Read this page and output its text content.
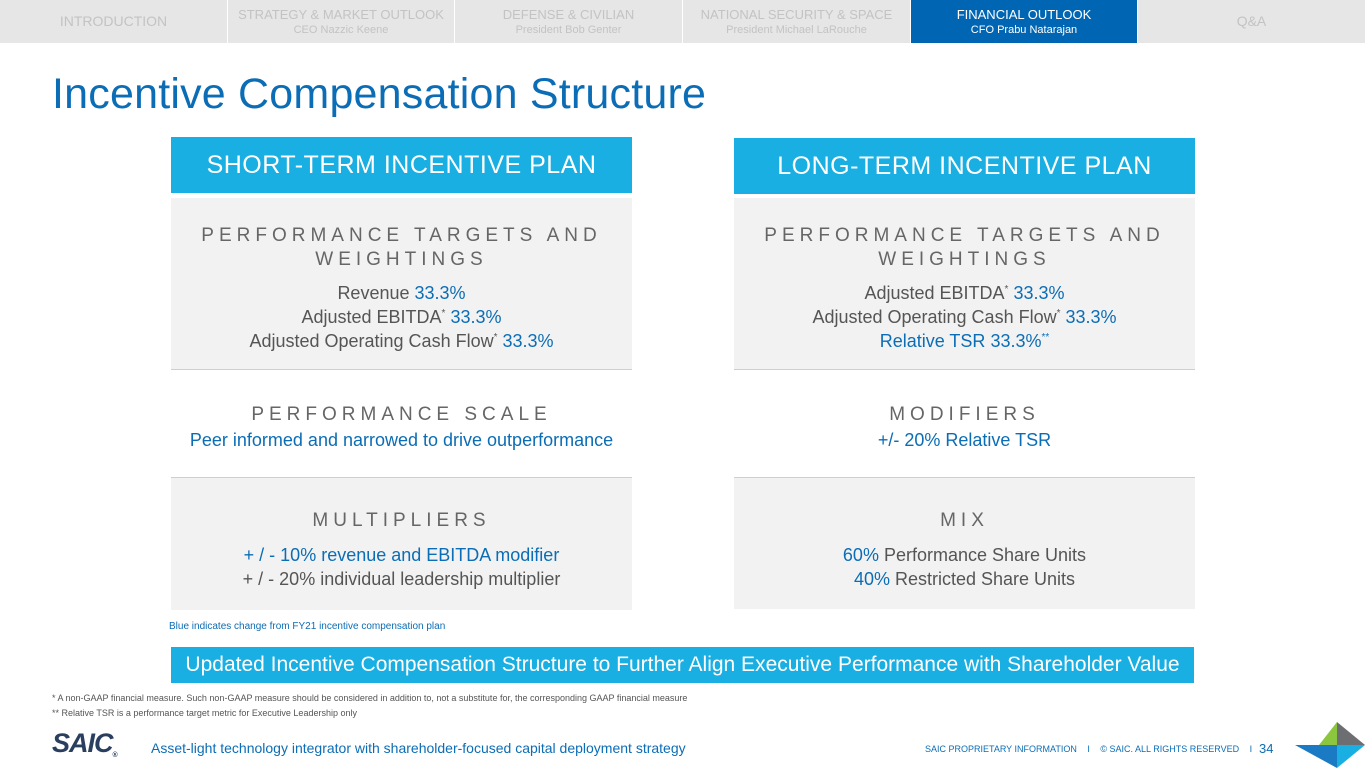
INTRODUCTION	STRATEGY & MARKET OUTLOOK
CEO Nazzic Keene
DEFENSE & CIVILIAN
President Bob Genter
NATIONAL SECURITY & SPACE
President Michael LaRouche
FINANCIAL OUTLOOK
CFO Prabu Natarajan
Q&A
Incentive Compensation Structure
SHORT-TERM INCENTIVE PLAN
PERFORMANCE TARGETS AND
WEIGHTINGS
Revenue 33.3%
Adjusted EBITDA* 33.3%
Adjusted Operating Cash Flow* 33.3%
PERFORMANCE SCALE
Peer informed and narrowed to drive outperformance
MULTIPLIERS
+ / - 10% revenue and EBITDA modifier
+ / - 20% individual leadership multiplier
LONG-TERM INCENTIVE PLAN
PERFORMANCE TARGETS AND
WEIGHTINGS
Adjusted EBITDA* 33.3%
Adjusted Operating Cash Flow* 33.3%
Relative TSR 33.3%**
MODIFIERS
+/- 20% Relative TSR
MIX
60% Performance Share Units
40% Restricted Share Units
Blue indicates change from FY21 incentive compensation plan
Updated Incentive Compensation Structure to Further Align Executive Performance with Shareholder Value
* A non-GAAP financial measure. Such non-GAAP measure should be considered in addition to, not a substitute for, the corresponding GAAP financial measure
** Relative TSR is a performance target metric for Executive Leadership only
SAIC® Asset-light technology integrator with shareholder-focused capital deployment strategy	SAIC PROPRIETARY INFORMATION I © SAIC. ALL RIGHTS RESERVED I 34
